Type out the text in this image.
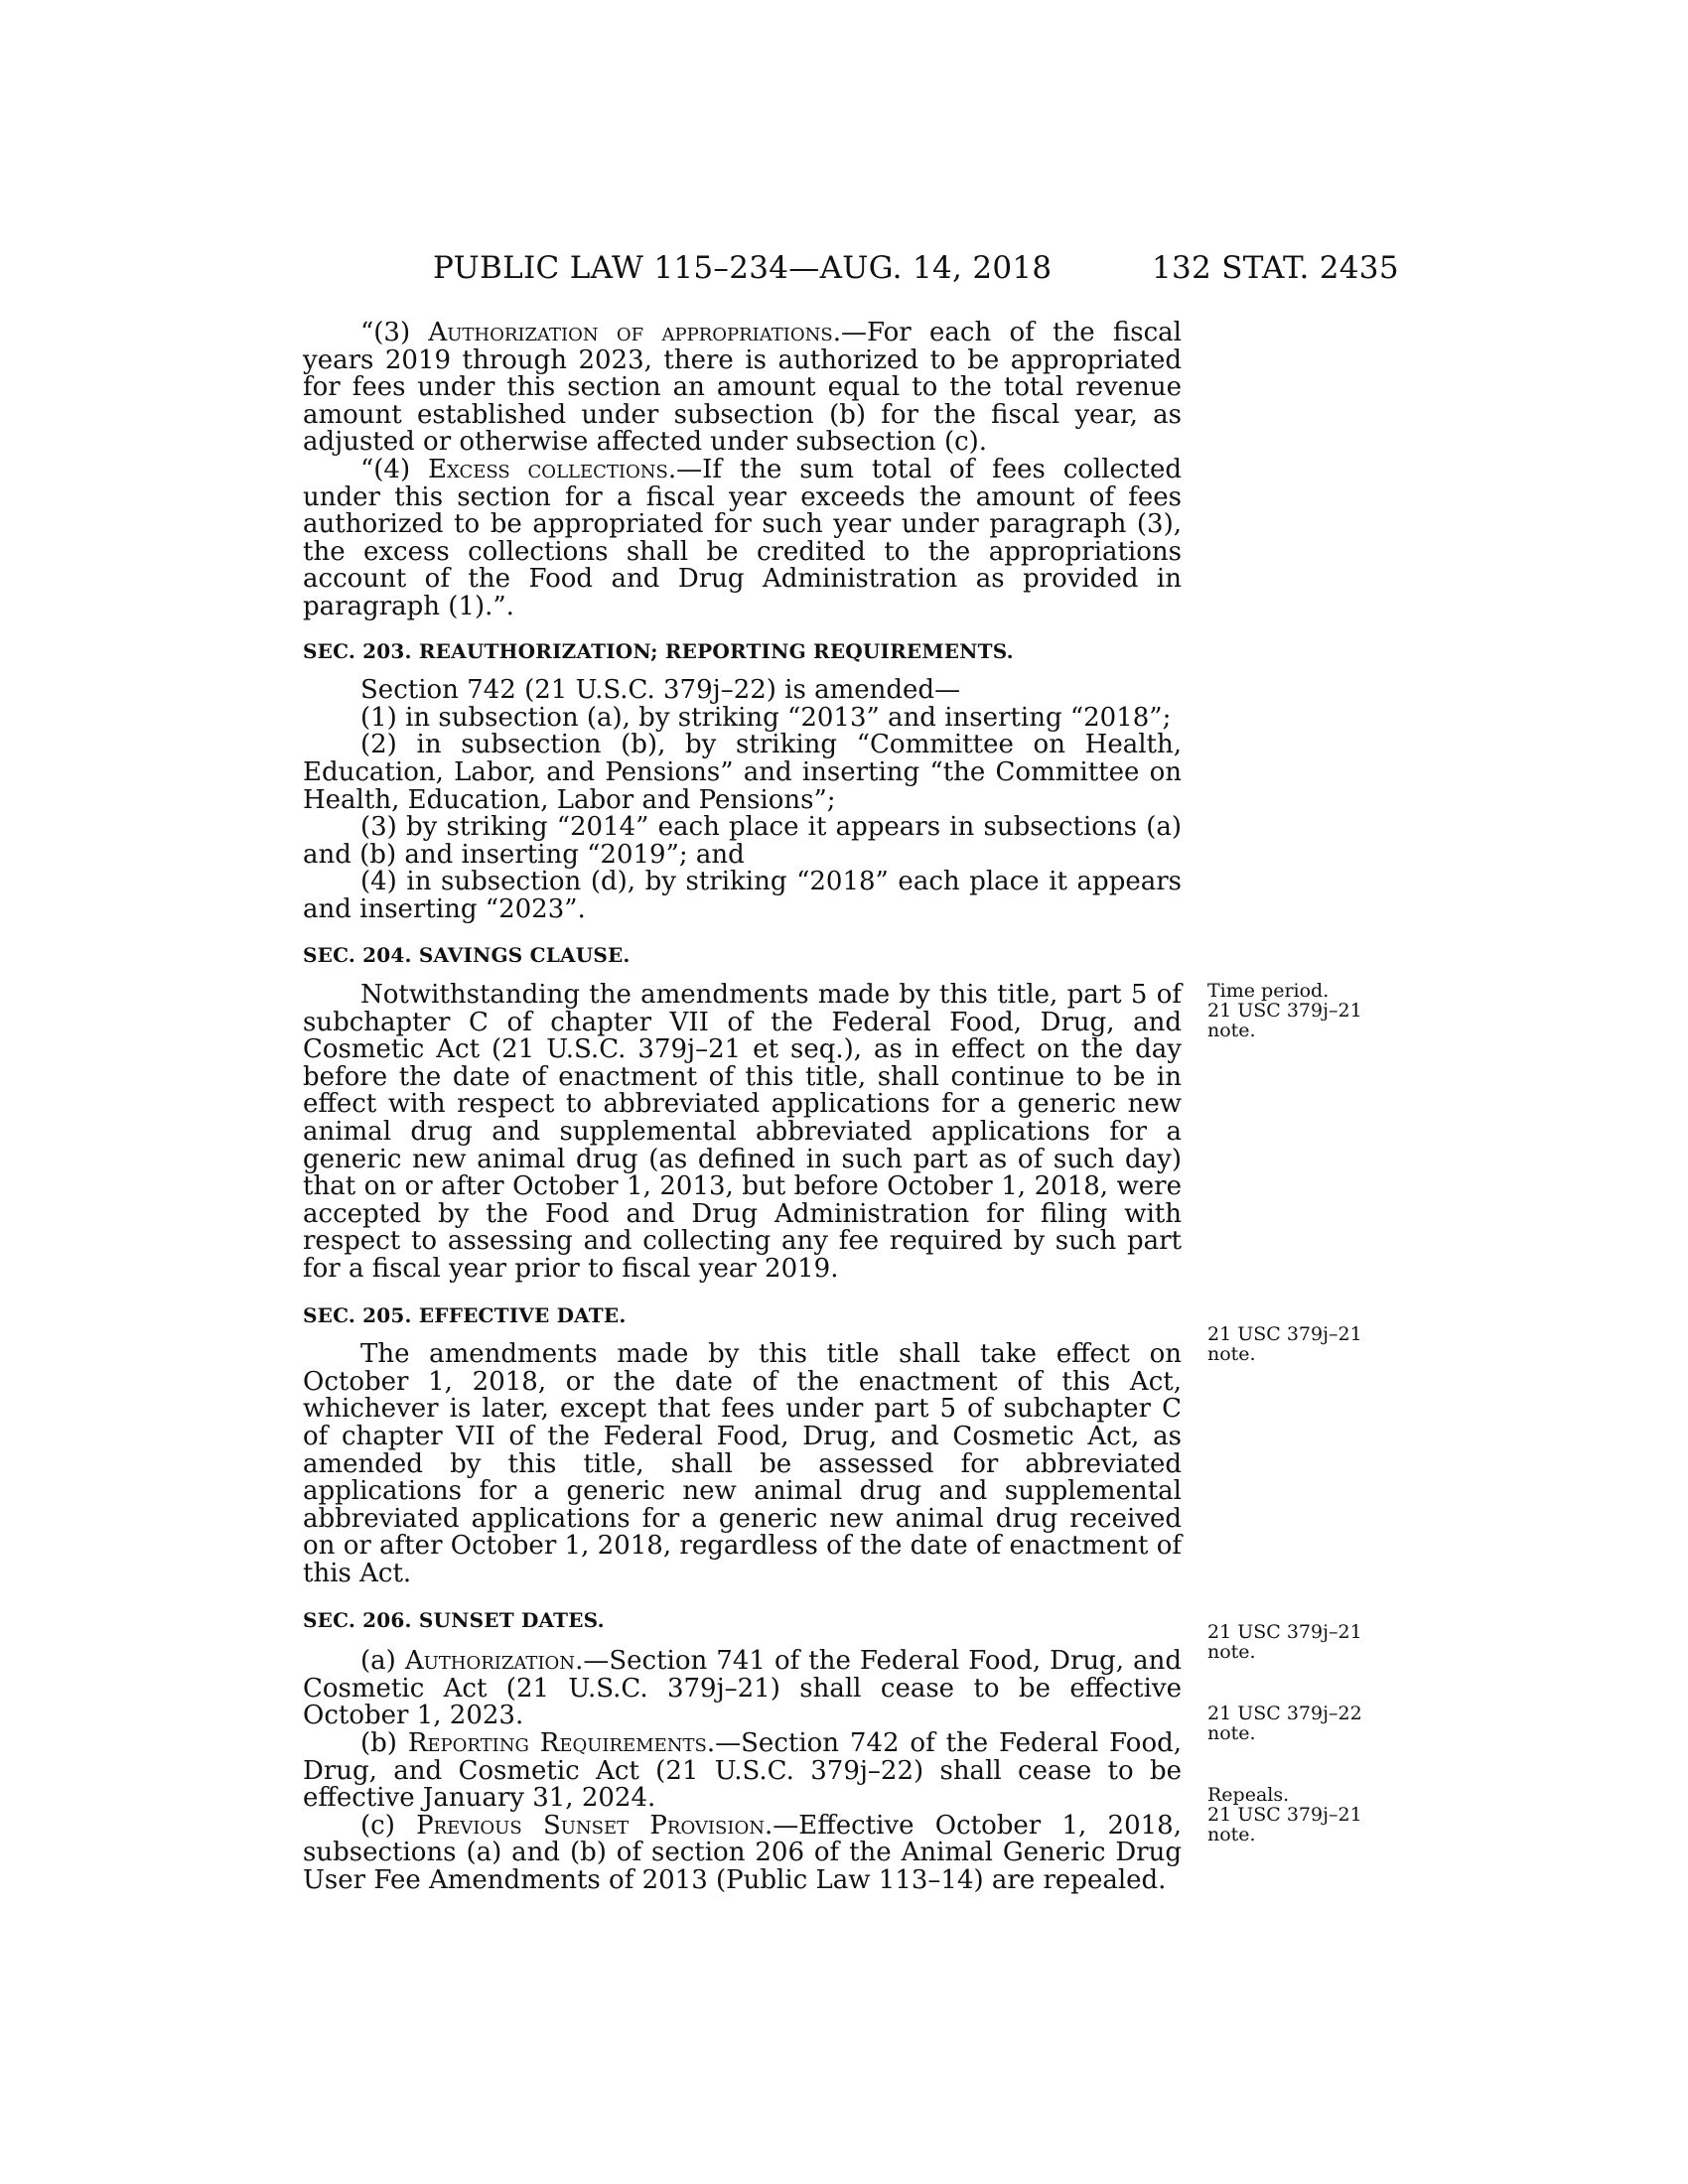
PUBLIC LAW 115–234—AUG. 14, 2018	132 STAT. 2435

“(3) Authorization of appropriations.—For each of the fiscal years 2019 through 2023, there is authorized to be appropriated for fees under this section an amount equal to the total revenue amount established under subsection (b) for the fiscal year, as adjusted or otherwise affected under subsection (c).

“(4) Excess collections.—If the sum total of fees collected under this section for a fiscal year exceeds the amount of fees authorized to be appropriated for such year under paragraph (3), the excess collections shall be credited to the appropriations account of the Food and Drug Administration as provided in paragraph (1).”.

SEC. 203. REAUTHORIZATION; REPORTING REQUIREMENTS.

Section 742 (21 U.S.C. 379j–22) is amended—

(1) in subsection (a), by striking “2013” and inserting “2018”;

(2) in subsection (b), by striking “Committee on Health, Education, Labor, and Pensions” and inserting “the Committee on Health, Education, Labor and Pensions”;

(3) by striking “2014” each place it appears in subsections (a) and (b) and inserting “2019”; and

(4) in subsection (d), by striking “2018” each place it appears and inserting “2023”.

SEC. 204. SAVINGS CLAUSE.

Notwithstanding the amendments made by this title, part 5 of subchapter C of chapter VII of the Federal Food, Drug, and Cosmetic Act (21 U.S.C. 379j–21 et seq.), as in effect on the day before the date of enactment of this title, shall continue to be in effect with respect to abbreviated applications for a generic new animal drug and supplemental abbreviated applications for a generic new animal drug (as defined in such part as of such day) that on or after October 1, 2013, but before October 1, 2018, were accepted by the Food and Drug Administration for filing with respect to assessing and collecting any fee required by such part for a fiscal year prior to fiscal year 2019.

SEC. 205. EFFECTIVE DATE.

The amendments made by this title shall take effect on October 1, 2018, or the date of the enactment of this Act, whichever is later, except that fees under part 5 of subchapter C of chapter VII of the Federal Food, Drug, and Cosmetic Act, as amended by this title, shall be assessed for abbreviated applications for a generic new animal drug and supplemental abbreviated applications for a generic new animal drug received on or after October 1, 2018, regardless of the date of enactment of this Act.

SEC. 206. SUNSET DATES.

(a) Authorization.—Section 741 of the Federal Food, Drug, and Cosmetic Act (21 U.S.C. 379j–21) shall cease to be effective October 1, 2023.

(b) Reporting Requirements.—Section 742 of the Federal Food, Drug, and Cosmetic Act (21 U.S.C. 379j–22) shall cease to be effective January 31, 2024.

(c) Previous Sunset Provision.—Effective October 1, 2018, subsections (a) and (b) of section 206 of the Animal Generic Drug User Fee Amendments of 2013 (Public Law 113–14) are repealed.

Time period.
21 USC 379j–21
note.
21 USC 379j–21
note.
21 USC 379j–21
note.
21 USC 379j–22
note.
Repeals.
21 USC 379j–21
note.
